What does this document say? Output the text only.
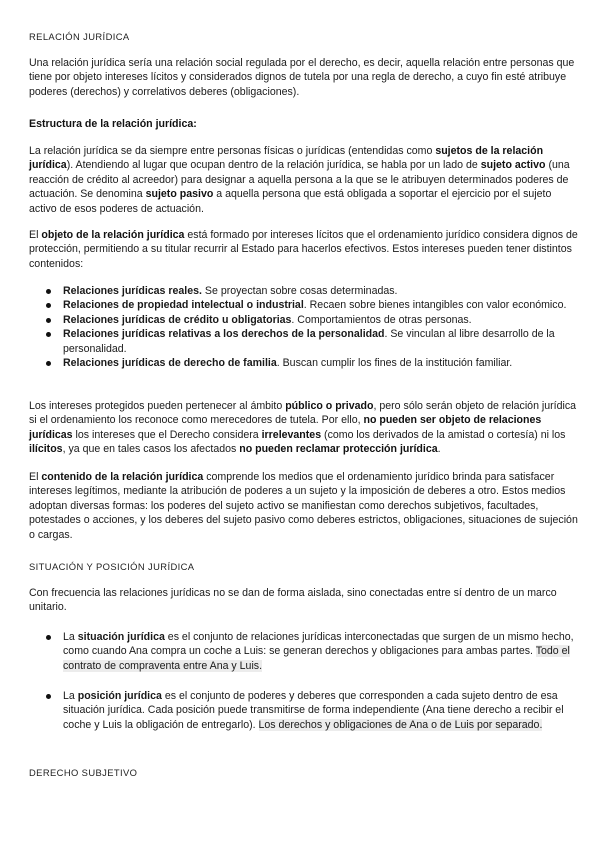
RELACIÓN JURÍDICA
Una relación jurídica sería una relación social regulada por el derecho, es decir, aquella relación entre personas que tiene por objeto intereses lícitos y considerados dignos de tutela por una regla de derecho, a cuyo fin esté atribuye poderes (derechos) y correlativos deberes (obligaciones).
Estructura de la relación jurídica:
La relación jurídica se da siempre entre personas físicas o jurídicas (entendidas como sujetos de la relación jurídica). Atendiendo al lugar que ocupan dentro de la relación jurídica, se habla por un lado de sujeto activo (una reacción de crédito al acreedor) para designar a aquella persona a la que se le atribuyen determinados poderes de actuación. Se denomina sujeto pasivo a aquella persona que está obligada a soportar el ejercicio por el sujeto activo de esos poderes de actuación.
El objeto de la relación jurídica está formado por intereses lícitos que el ordenamiento jurídico considera dignos de protección, permitiendo a su titular recurrir al Estado para hacerlos efectivos. Estos intereses pueden tener distintos contenidos:
Relaciones jurídicas reales. Se proyectan sobre cosas determinadas.
Relaciones de propiedad intelectual o industrial. Recaen sobre bienes intangibles con valor económico.
Relaciones jurídicas de crédito u obligatorias. Comportamientos de otras personas.
Relaciones jurídicas relativas a los derechos de la personalidad. Se vinculan al libre desarrollo de la personalidad.
Relaciones jurídicas de derecho de familia. Buscan cumplir los fines de la institución familiar.
Los intereses protegidos pueden pertenecer al ámbito público o privado, pero sólo serán objeto de relación jurídica si el ordenamiento los reconoce como merecedores de tutela. Por ello, no pueden ser objeto de relaciones jurídicas los intereses que el Derecho considera irrelevantes (como los derivados de la amistad o cortesía) ni los ilícitos, ya que en tales casos los afectados no pueden reclamar protección jurídica.
El contenido de la relación jurídica comprende los medios que el ordenamiento jurídico brinda para satisfacer intereses legítimos, mediante la atribución de poderes a un sujeto y la imposición de deberes a otro. Estos medios adoptan diversas formas: los poderes del sujeto activo se manifiestan como derechos subjetivos, facultades, potestades o acciones, y los deberes del sujeto pasivo como deberes estrictos, obligaciones, situaciones de sujeción o cargas.
SITUACIÓN Y POSICIÓN JURÍDICA
Con frecuencia las relaciones jurídicas no se dan de forma aislada, sino conectadas entre sí dentro de un marco unitario.
La situación jurídica es el conjunto de relaciones jurídicas interconectadas que surgen de un mismo hecho, como cuando Ana compra un coche a Luis: se generan derechos y obligaciones para ambas partes. Todo el contrato de compraventa entre Ana y Luis.
La posición jurídica es el conjunto de poderes y deberes que corresponden a cada sujeto dentro de esa situación jurídica. Cada posición puede transmitirse de forma independiente (Ana tiene derecho a recibir el coche y Luis la obligación de entregarlo). Los derechos y obligaciones de Ana o de Luis por separado.
DERECHO SUBJETIVO
